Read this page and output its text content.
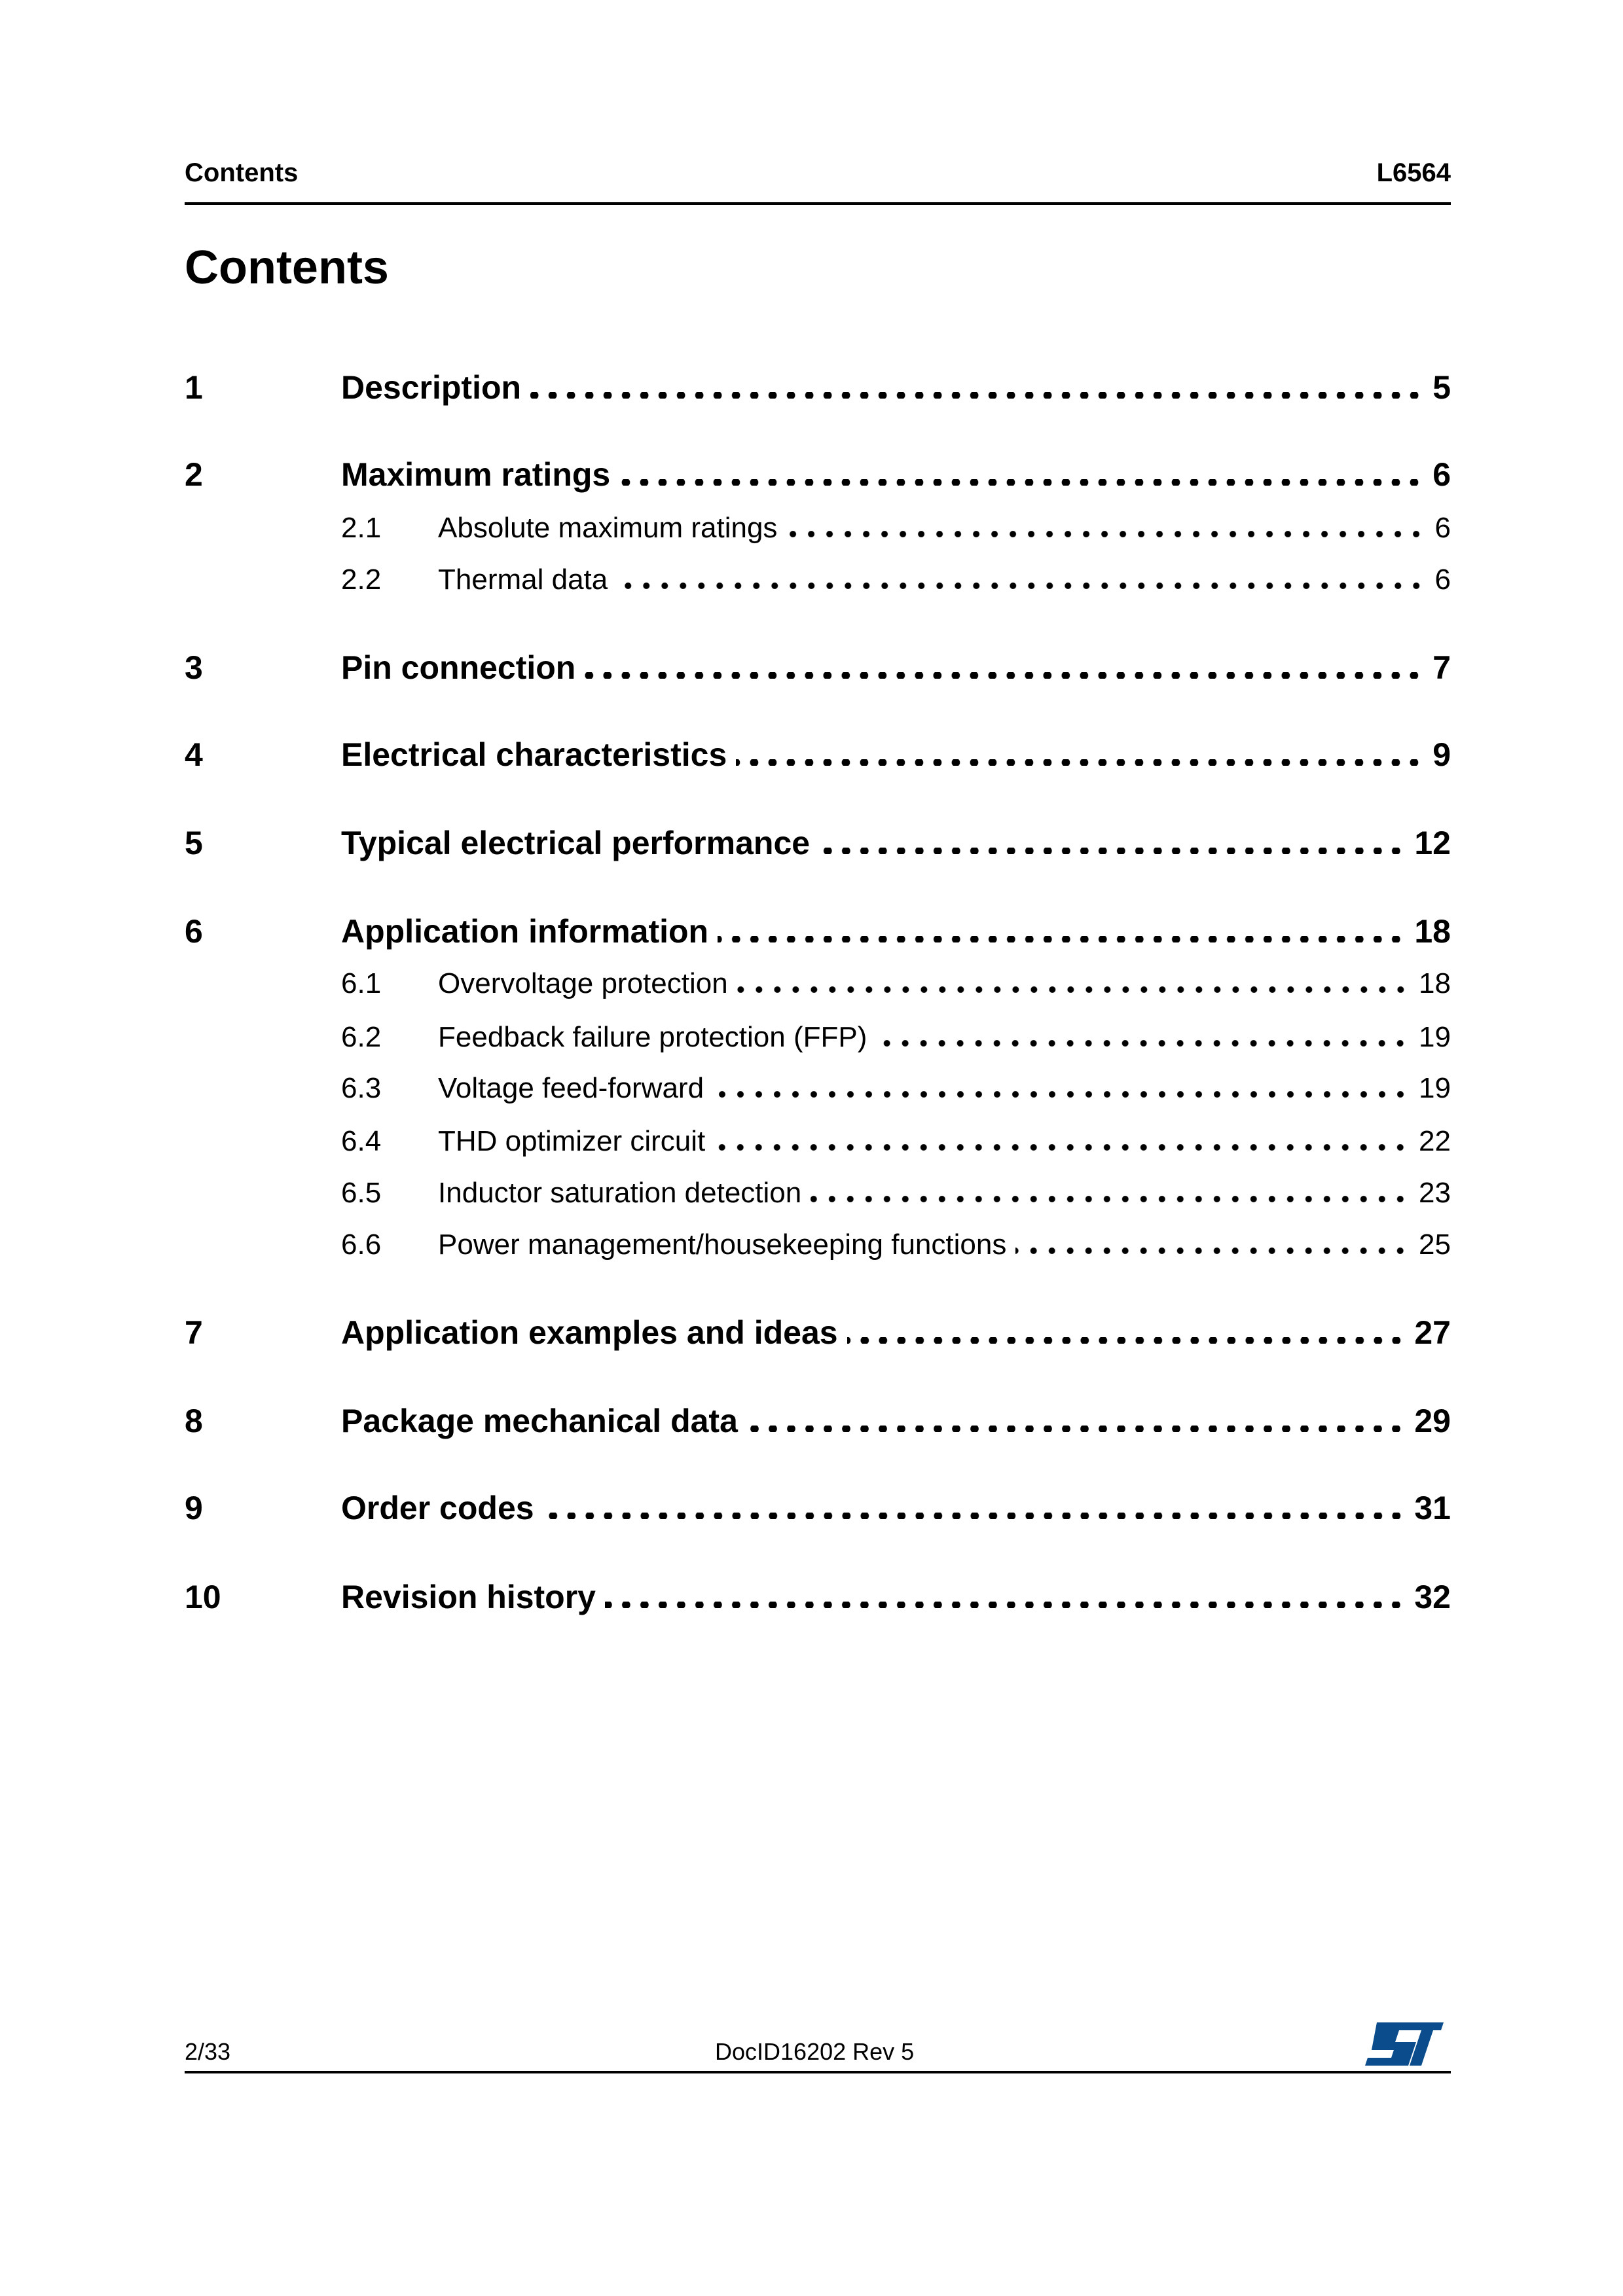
Contents	L6564
Contents
1	Description	5
2	Maximum ratings	6
2.1	Absolute maximum ratings	6
2.2	Thermal data	6
3	Pin connection	7
4	Electrical characteristics	9
5	Typical electrical performance	12
6	Application information	18
6.1	Overvoltage protection	18
6.2	Feedback failure protection (FFP)	19
6.3	Voltage feed-forward	19
6.4	THD optimizer circuit	22
6.5	Inductor saturation detection	23
6.6	Power management/housekeeping functions	25
7	Application examples and ideas	27
8	Package mechanical data	29
9	Order codes	31
10	Revision history	32
2/33	DocID16202 Rev 5
